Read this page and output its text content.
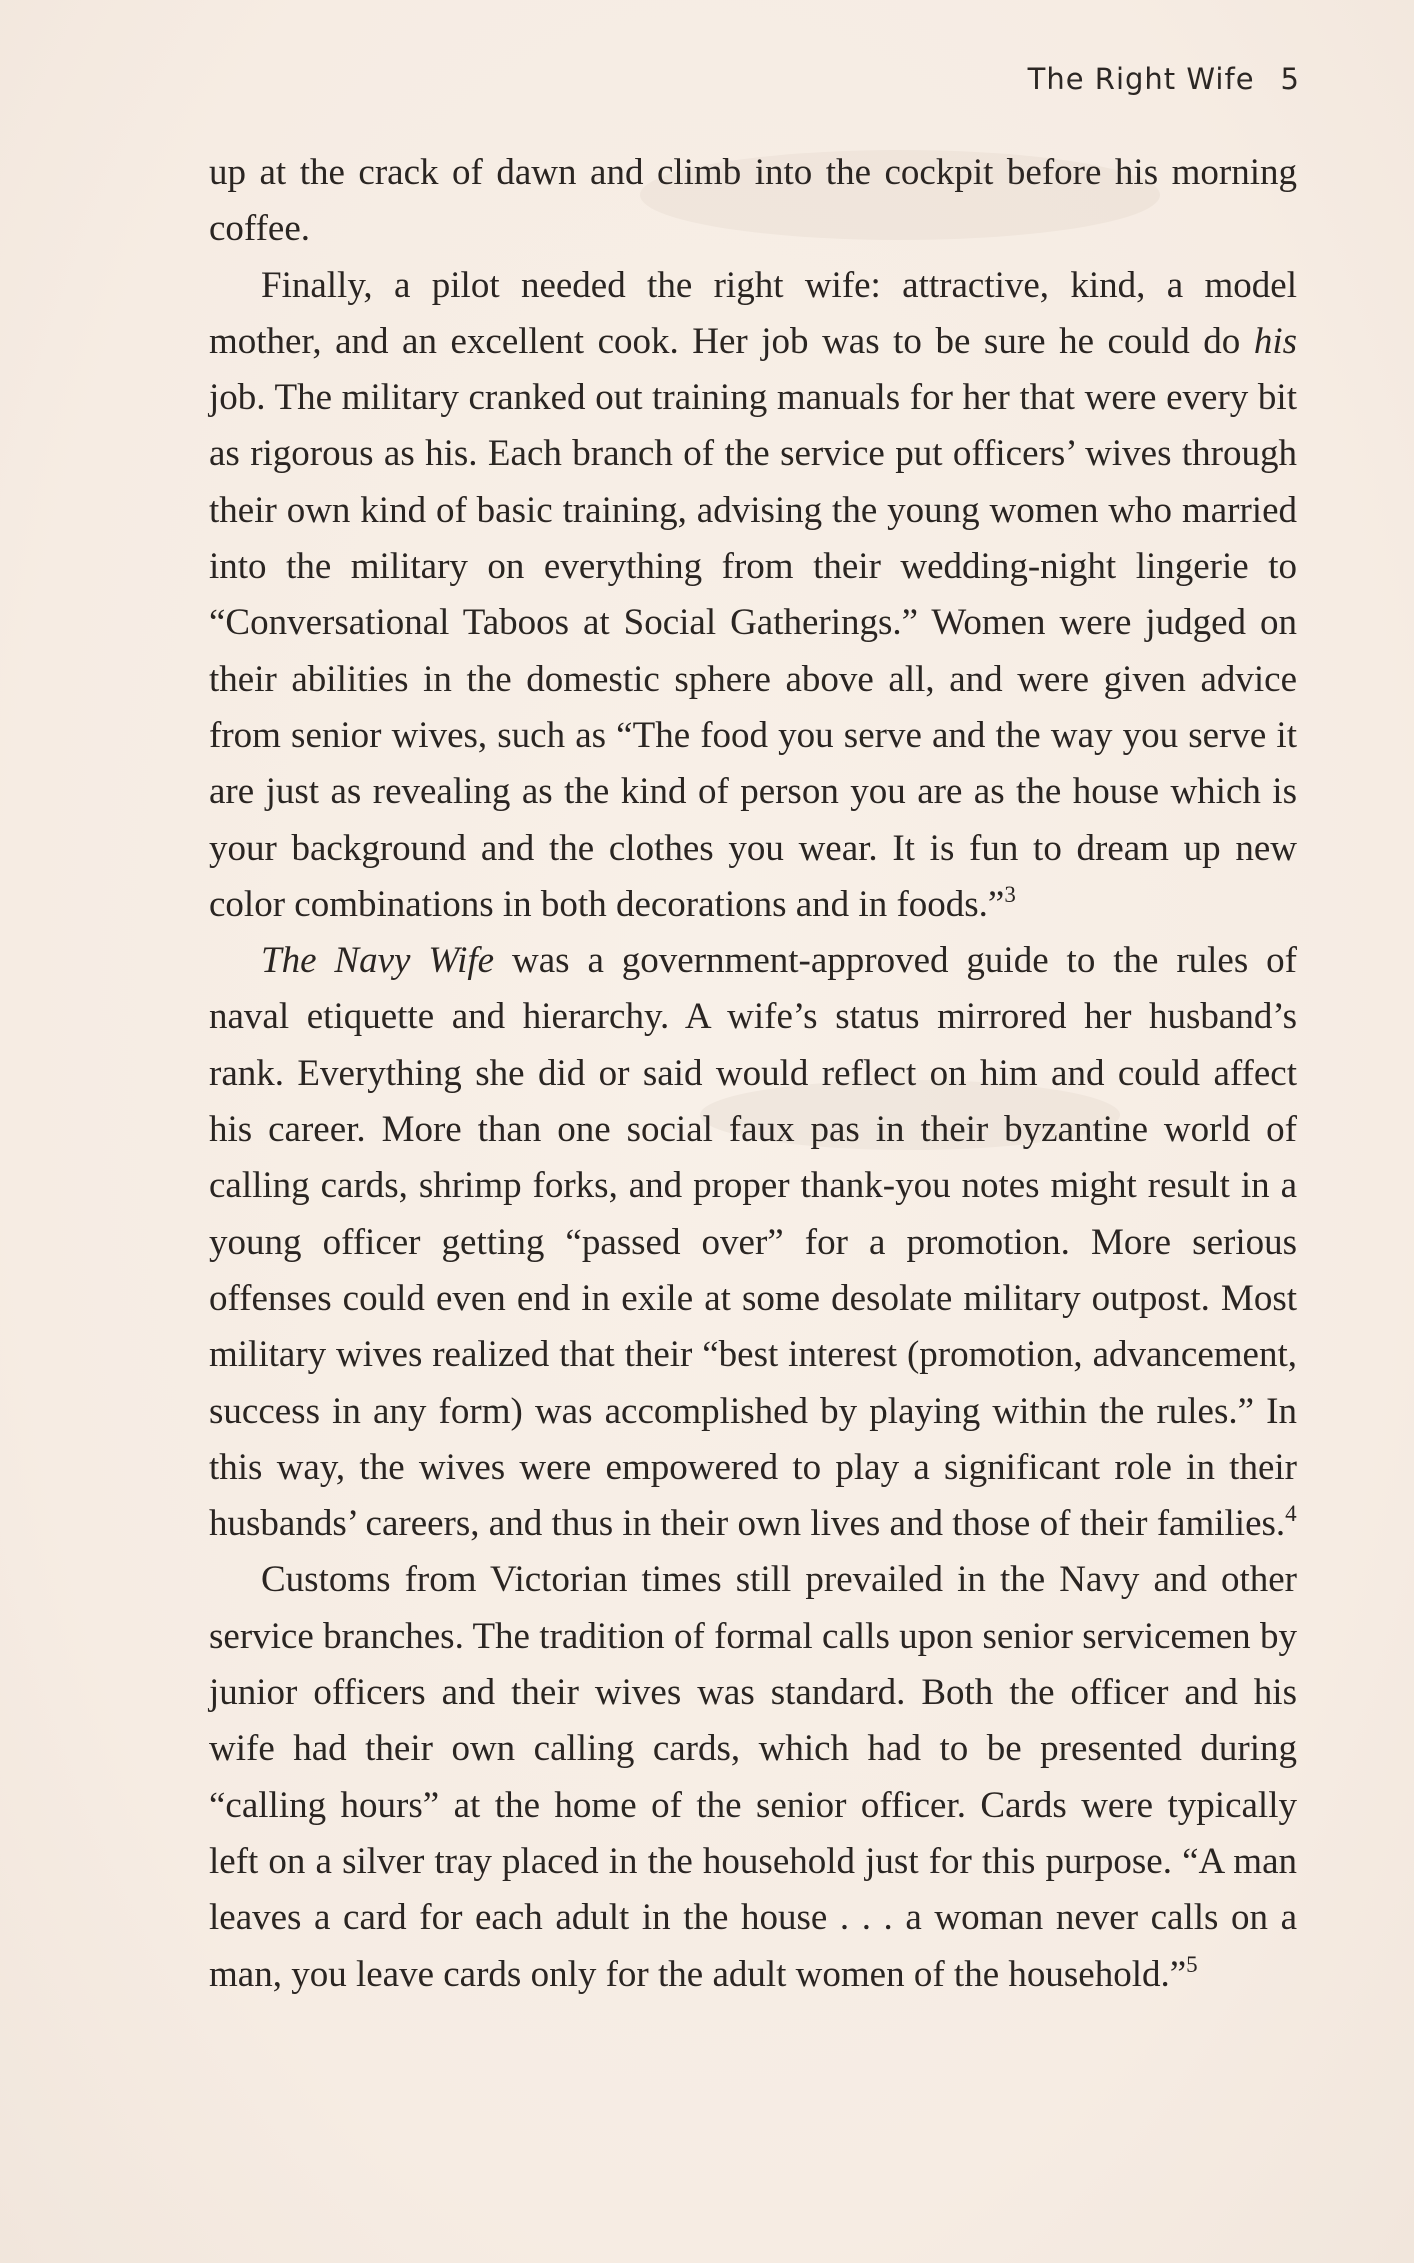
The Right Wife 5

up at the crack of dawn and climb into the cockpit before his morning coffee.

Finally, a pilot needed the right wife: attractive, kind, a model mother, and an excellent cook. Her job was to be sure he could do his job. The military cranked out training manuals for her that were every bit as rigorous as his. Each branch of the service put officers’ wives through their own kind of basic training, advising the young women who married into the military on everything from their wedding-night lingerie to “Conversational Taboos at Social Gatherings.” Women were judged on their abilities in the domestic sphere above all, and were given advice from senior wives, such as “The food you serve and the way you serve it are just as revealing as the kind of person you are as the house which is your background and the clothes you wear. It is fun to dream up new color combinations in both decorations and in foods.”$^3$

The Navy Wife was a government-approved guide to the rules of naval etiquette and hierarchy. A wife’s status mirrored her husband’s rank. Everything she did or said would reflect on him and could affect his career. More than one social faux pas in their byzantine world of calling cards, shrimp forks, and proper thank-you notes might result in a young officer getting “passed over” for a promotion. More serious offenses could even end in exile at some desolate military outpost. Most military wives realized that their “best interest (promotion, advancement, success in any form) was accomplished by playing within the rules.” In this way, the wives were empowered to play a significant role in their husbands’ careers, and thus in their own lives and those of their families.$^4$

Customs from Victorian times still prevailed in the Navy and other service branches. The tradition of formal calls upon senior servicemen by junior officers and their wives was standard. Both the officer and his wife had their own calling cards, which had to be presented during “calling hours” at the home of the senior officer. Cards were typically left on a silver tray placed in the household just for this purpose. “A man leaves a card for each adult in the house . . . a woman never calls on a man, you leave cards only for the adult women of the household.”$^5$
